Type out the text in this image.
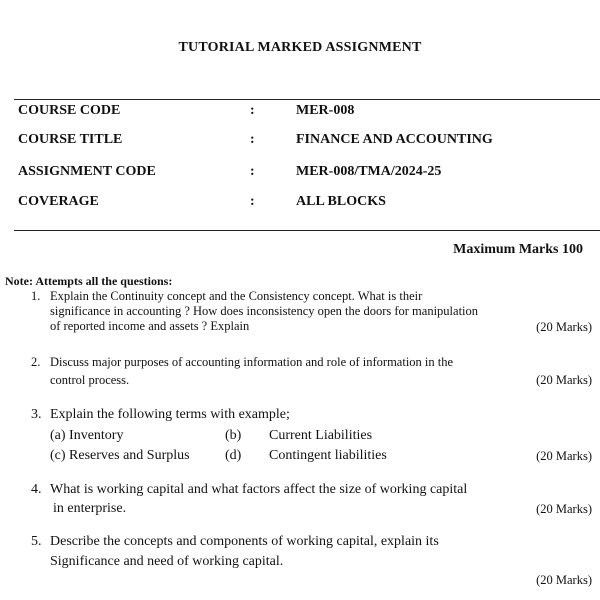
TUTORIAL MARKED ASSIGNMENT
COURSE CODE	:	MER-008
COURSE TITLE	:	FINANCE AND ACCOUNTING
ASSIGNMENT CODE	:	MER-008/TMA/2024-25
COVERAGE	:	ALL BLOCKS
Maximum Marks 100
Note: Attempts all the questions:
1. Explain the Continuity concept and the Consistency concept. What is their
significance in accounting ? How does inconsistency open the doors for manipulation
of reported income and assets ? Explain	(20 Marks)
2. Discuss major purposes of accounting information and role of information in the
control process.	(20 Marks)
3. Explain the following terms with example;
(a) Inventory	(b) Current Liabilities
(c) Reserves and Surplus	(d) Contingent liabilities	(20 Marks)
4. What is working capital and what factors affect the size of working capital
in enterprise.	(20 Marks)
5. Describe the concepts and components of working capital, explain its
Significance and need of working capital.
(20 Marks)
